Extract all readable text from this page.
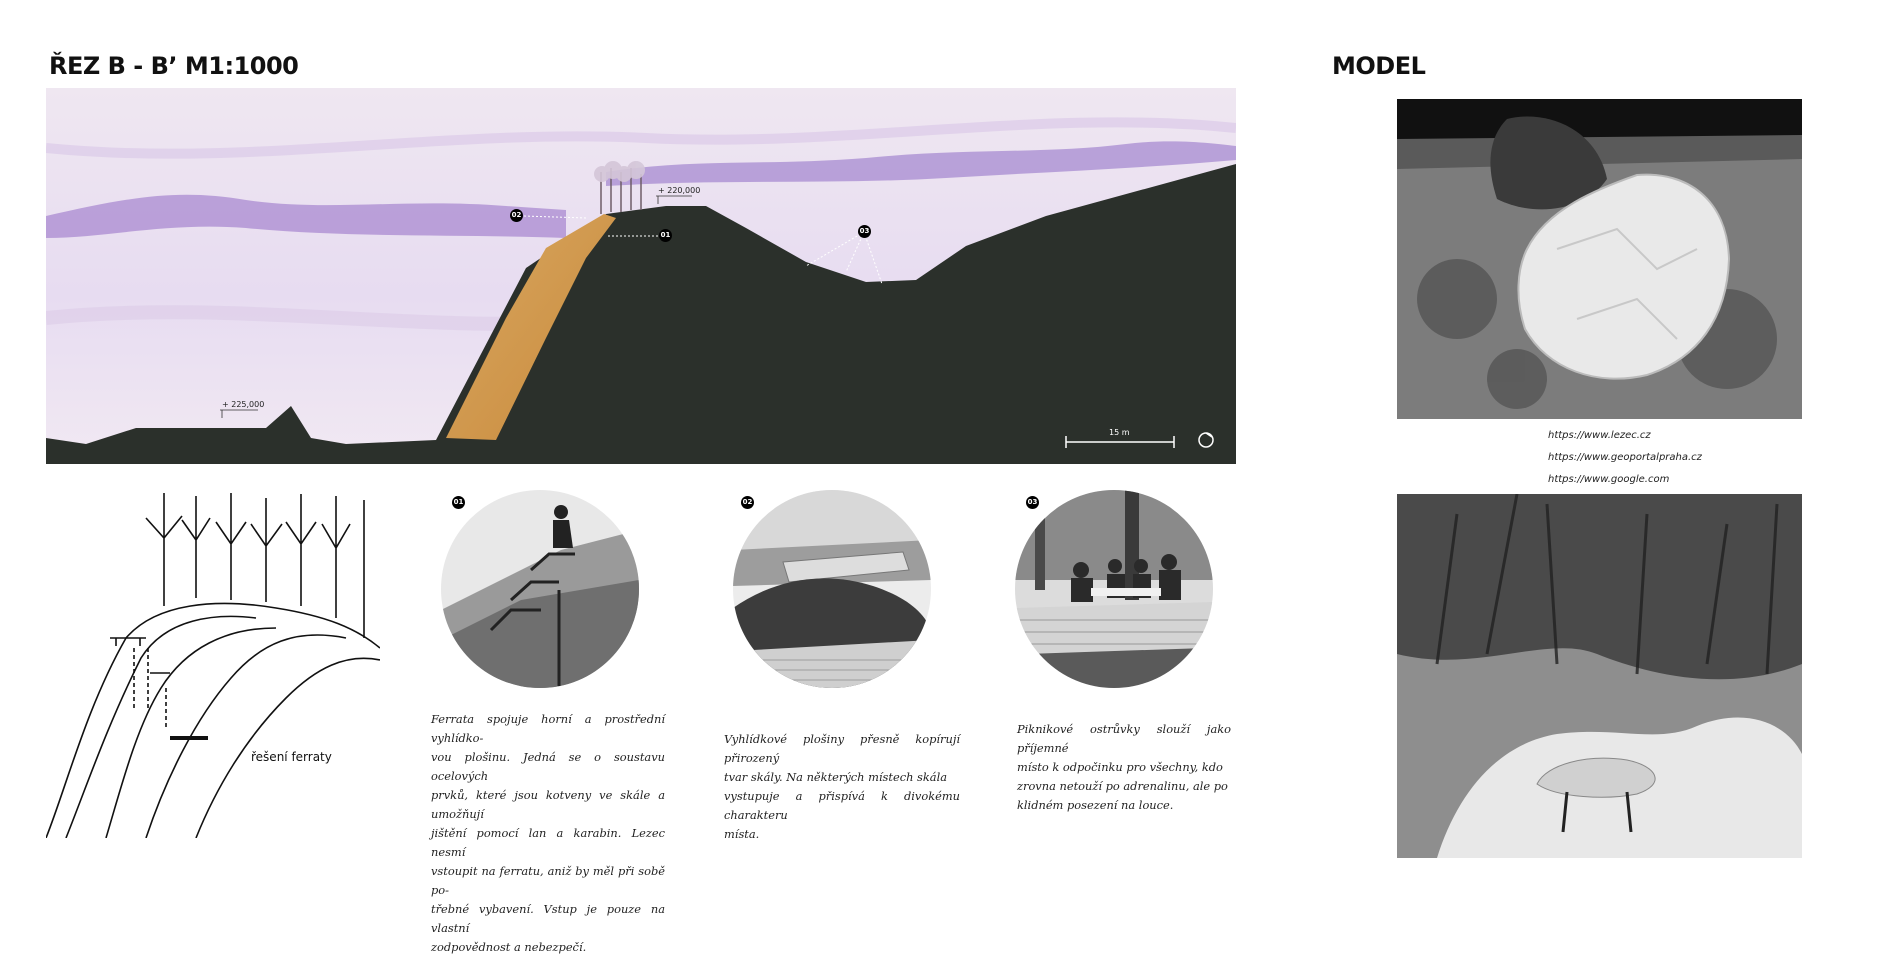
ŘEZ B - Bʼ M1:1000	MODEL
+ 220,000
+ 225,000
15 m
02
01	03
řešení ferraty
01
Ferrata spojuje horní a prostřední vyhlídko-
vou plošinu. Jedná se o soustavu ocelových
prvků, které jsou kotveny ve skále a umožňují
jištění pomocí lan a karabin. Lezec nesmí
vstoupit na ferratu, aniž by měl při sobě po-
třebné vybavení. Vstup je pouze na vlastní
zodpovědnost a nebezpečí.
02
Vyhlídkové plošiny přesně kopírují přirozený
tvar skály. Na některých místech skála
vystupuje a přispívá k divokému charakteru
místa.
03
Piknikové ostrůvky slouží jako příjemné
místo k odpočinku pro všechny, kdo
zrovna netouží po adrenalinu, ale po
klidném posezení na louce.
https://www.lezec.cz
https://www.geoportalpraha.cz
https://www.google.com
